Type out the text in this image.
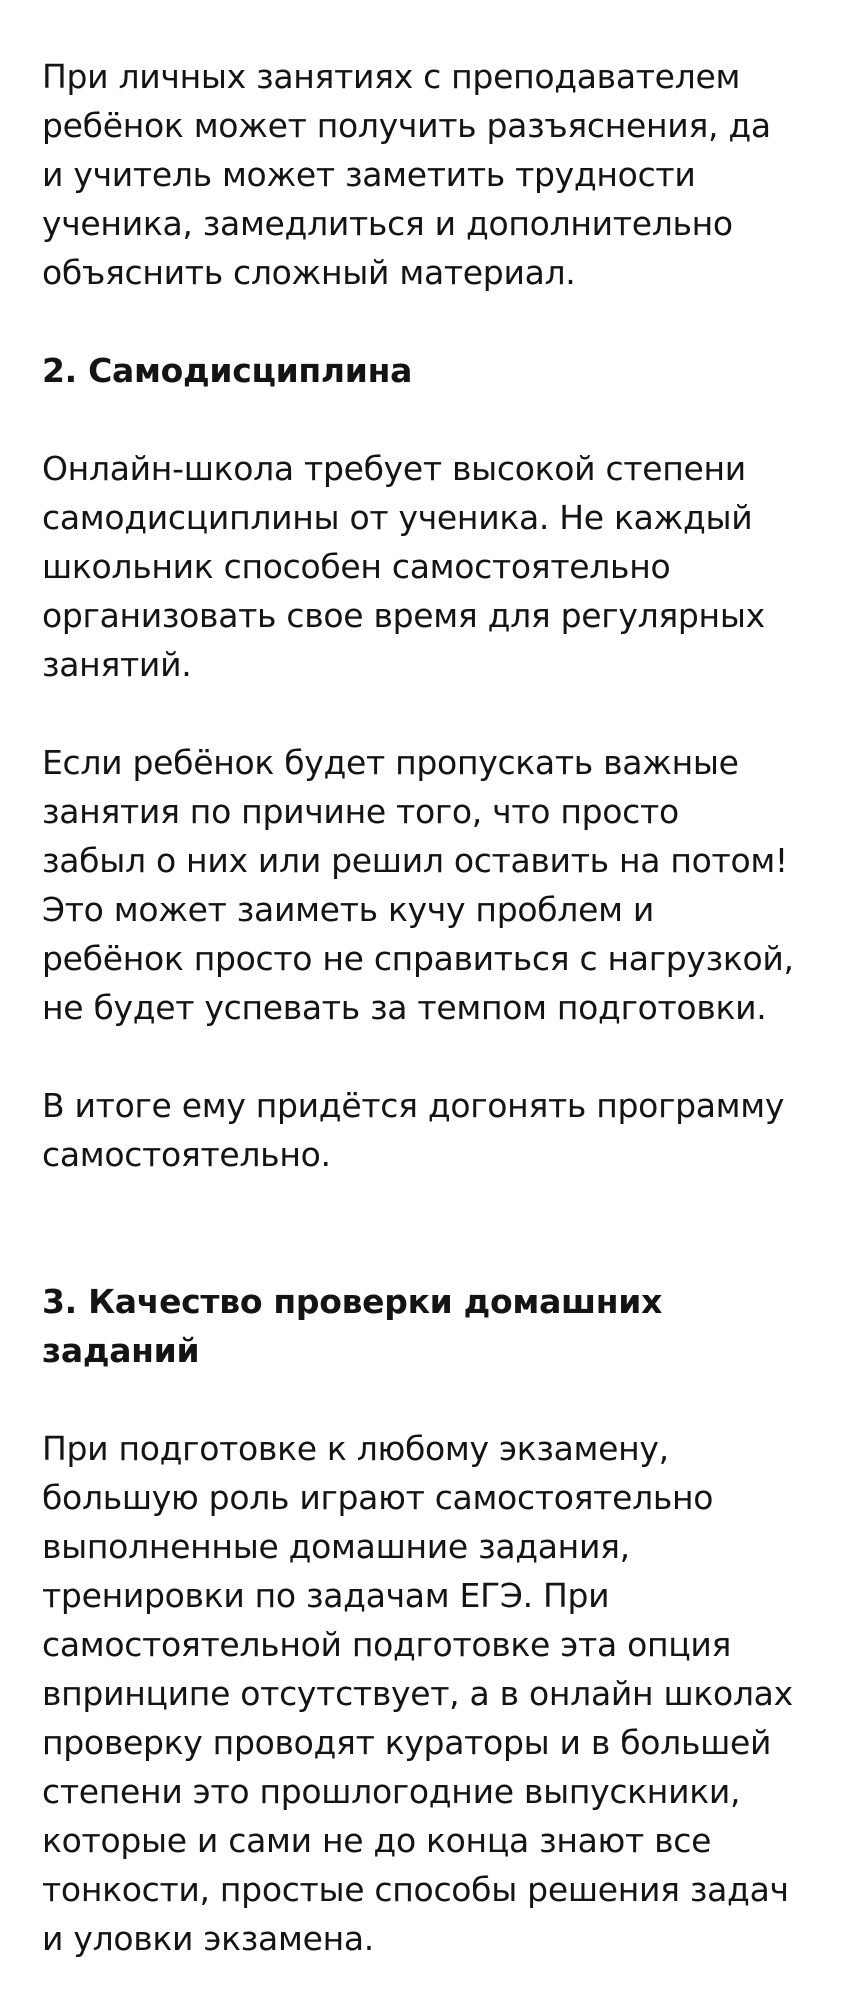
При личных занятиях с преподавателем
ребёнок может получить разъяснения, да
и учитель может заметить трудности
ученика, замедлиться и дополнительно
объяснить сложный материал.

2. Самодисциплина

Онлайн-школа требует высокой степени
самодисциплины от ученика. Не каждый
школьник способен самостоятельно
организовать свое время для регулярных
занятий.

Если ребёнок будет пропускать важные
занятия по причине того, что просто
забыл о них или решил оставить на потом!
Это может заиметь кучу проблем и
ребёнок просто не справиться с нагрузкой,
не будет успевать за темпом подготовки.

В итоге ему придётся догонять программу
самостоятельно.

3. Качество проверки домашних
заданий

При подготовке к любому экзамену,
большую роль играют самостоятельно
выполненные домашние задания,
тренировки по задачам ЕГЭ. При
самостоятельной подготовке эта опция
впринципе отсутствует, а в онлайн школах
проверку проводят кураторы и в большей
степени это прошлогодние выпускники,
которые и сами не до конца знают все
тонкости, простые способы решения задач
и уловки экзамена.
